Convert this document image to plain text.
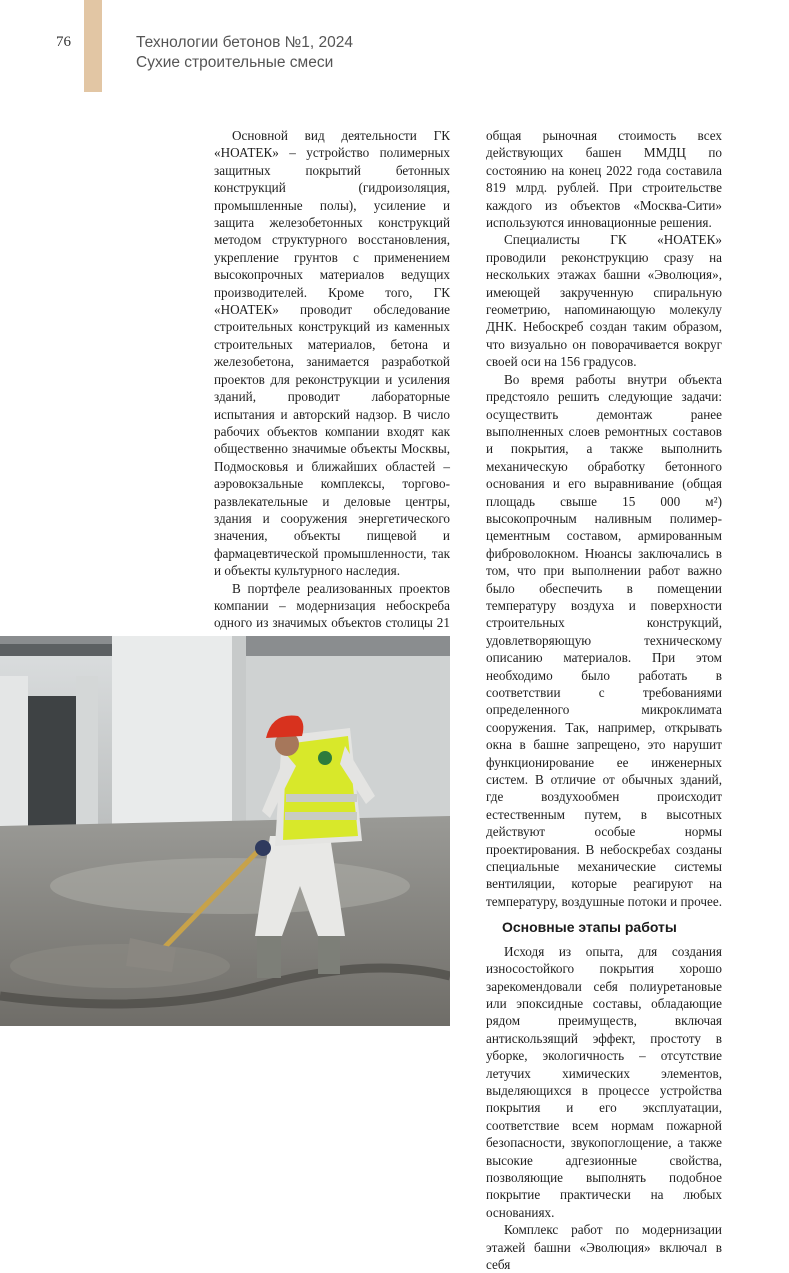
76	Технологии бетонов №1, 2024
Сухие строительные смеси

Основной вид деятельности ГК «НОАТЕК» – устройство полимерных защитных покрытий бетонных конструкций (гидроизоляция, промышленные полы), усиление и защита железобетонных конструкций методом структурного восстановления, укрепление грунтов с применением высокопрочных материалов ведущих производителей. Кроме того, ГК «НОАТЕК» проводит обследование строительных конструкций из каменных строительных материалов, бетона и железобетона, занимается разработкой проектов для реконструкции и усиления зданий, проводит лабораторные испытания и авторский надзор. В число рабочих объектов компании входят как общественно значимые объекты Москвы, Подмосковья и ближайших областей – аэровокзальные комплексы, торгово-развлекательные и деловые центры, здания и сооружения энергетического значения, объекты пищевой и фармацевтической промышленности, так и объекты культурного наследия.

В портфеле реализованных проектов компании – модернизация небоскреба одного из значимых объектов столицы 21

общая рыночная стоимость всех действующих башен ММДЦ по состоянию на конец 2022 года составила 819 млрд. рублей. При строительстве каждого из объектов «Москва-Сити» используются инновационные решения.

Специалисты ГК «НОАТЕК» проводили реконструкцию сразу на нескольких этажах башни «Эволюция», имеющей закрученную спиральную геометрию, напоминающую молекулу ДНК. Небоскреб создан таким образом, что визуально он поворачивается вокруг своей оси на 156 градусов.

Во время работы внутри объекта предстояло решить следующие задачи: осуществить демонтаж ранее выполненных слоев ремонтных составов и покрытия, а также выполнить механическую обработку бетонного основания и его выравнивание (общая площадь свыше 15 000 м²) высокопрочным наливным полимер-цементным составом, армированным фиброволокном. Нюансы заключались в том, что при выполнении работ важно было обеспечить в помещении температуру воздуха и поверхности строительных конструкций, удовлетворяющую техническому описанию материалов. При этом необходимо было работать в соответствии с требованиями определенного микроклимата сооружения. Так, например, открывать окна в башне запрещено, это нарушит функционирование ее инженерных систем. В отличие от обычных зданий, где воздухообмен происходит естественным путем, в высотных действуют особые нормы проектирования. В небоскребах созданы специальные механические системы вентиляции, которые реагируют на температуру, воздушные потоки и прочее.

Основные этапы работы

Исходя из опыта, для создания износостойкого покрытия хорошо зарекомендовали себя полиуретановые или эпоксидные составы, обладающие рядом преимуществ, включая антискользящий эффект, простоту в уборке, экологичность – отсутствие летучих химических элементов, выделяющихся в процессе устройства покрытия и его эксплуатации, соответствие всем нормам пожарной безопасности, звукопоглощение, а также высокие адгезионные свойства, позволяющие выполнять подобное покрытие практически на любых основаниях.

Комплекс работ по модернизации этажей башни «Эволюция» включал в себя
